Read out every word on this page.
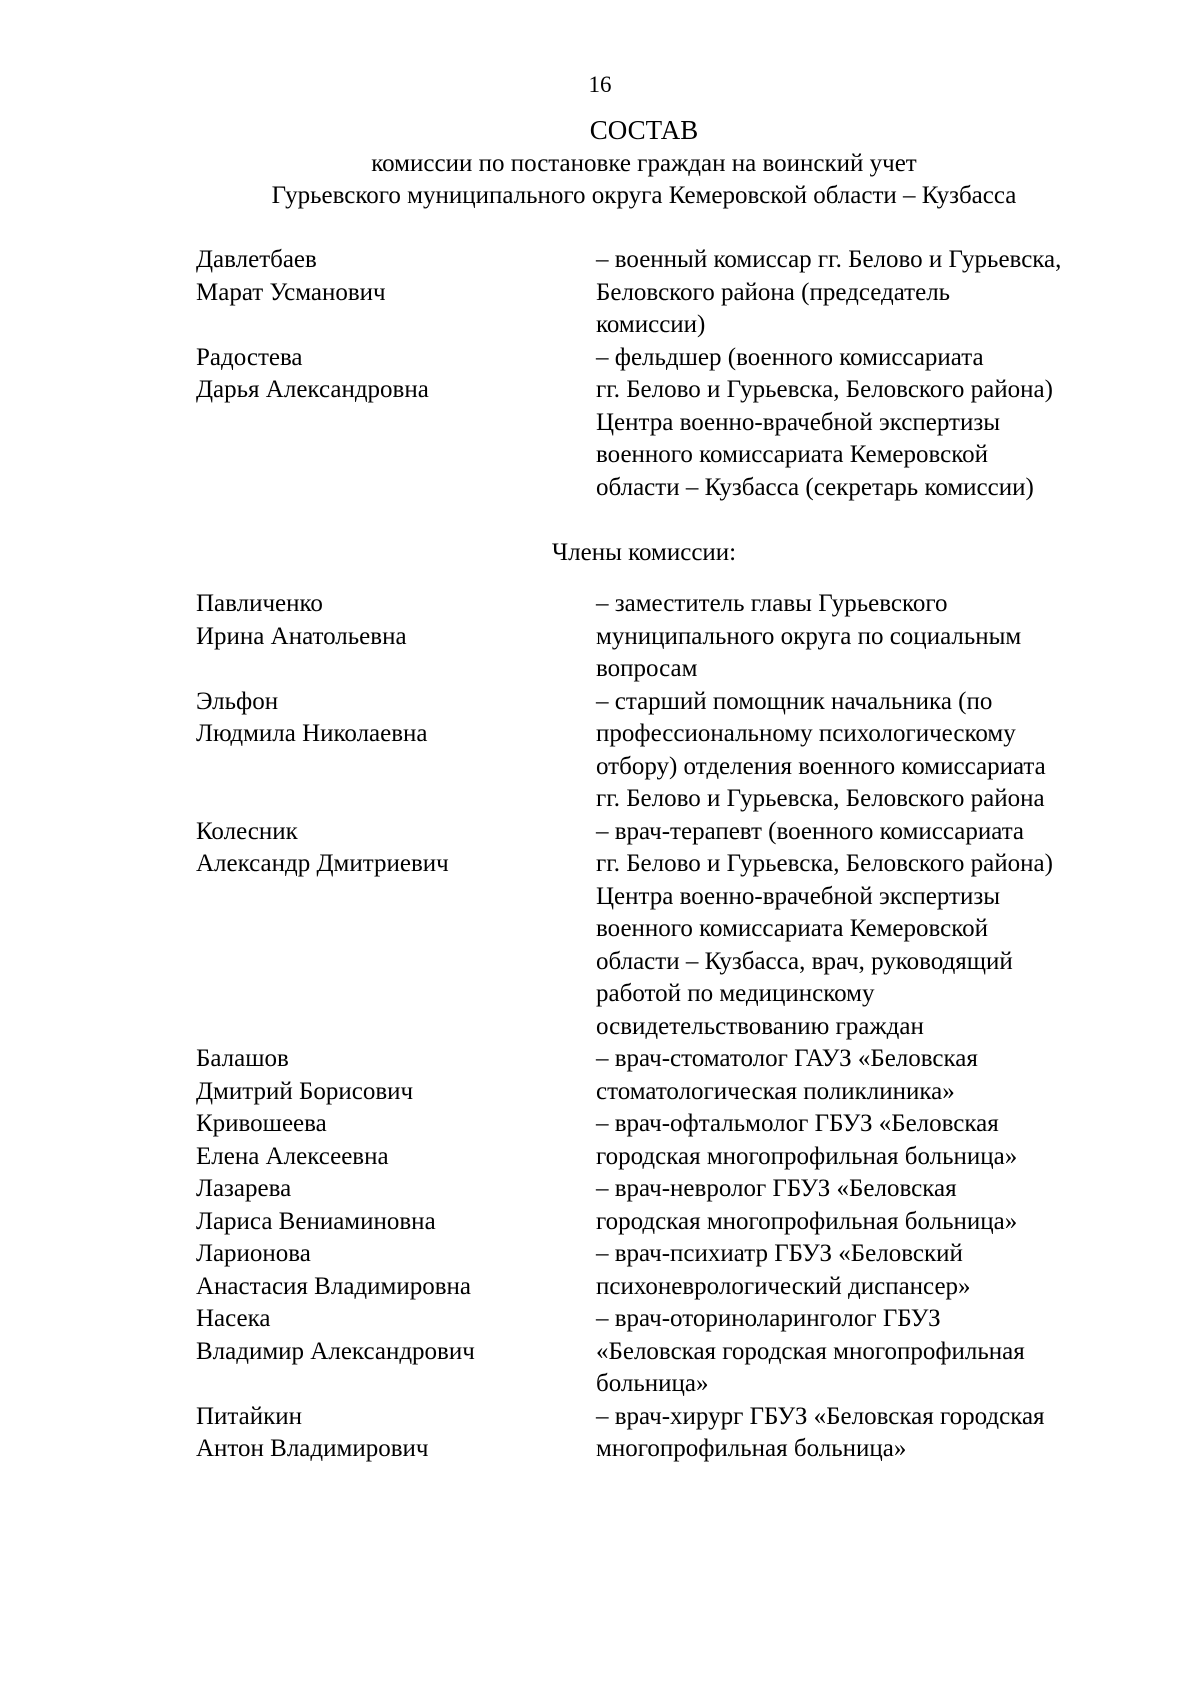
16
СОСТАВ

комиссии по постановке граждан на воинский учет

Гурьевского муниципального округа Кемеровской области – Кузбасса

Давлетбаев
Марат Усманович
– военный комиссар гг. Белово и Гурьевска,
Беловского района (председатель
комиссии)
Радостева
Дарья Александровна
– фельдшер (военного комиссариата
гг. Белово и Гурьевска, Беловского района)
Центра военно-врачебной экспертизы
военного комиссариата Кемеровской
области – Кузбасса (секретарь комиссии)
Члены комиссии:
Павличенко
Ирина Анатольевна
– заместитель главы Гурьевского
муниципального округа по социальным
вопросам
Эльфон
Людмила Николаевна
– старший помощник начальника (по
профессиональному психологическому
отбору) отделения военного комиссариата
гг. Белово и Гурьевска, Беловского района
Колесник
Александр Дмитриевич
– врач-терапевт (военного комиссариата
гг. Белово и Гурьевска, Беловского района)
Центра военно-врачебной экспертизы
военного комиссариата Кемеровской
области – Кузбасса, врач, руководящий
работой по медицинскому
освидетельствованию граждан
Балашов
Дмитрий Борисович
– врач-стоматолог ГАУЗ «Беловская
стоматологическая поликлиника»
Кривошеева
Елена Алексеевна
– врач-офтальмолог ГБУЗ «Беловская
городская многопрофильная больница»
Лазарева
Лариса Вениаминовна
– врач-невролог ГБУЗ «Беловская
городская многопрофильная больница»
Ларионова
Анастасия Владимировна
– врач-психиатр ГБУЗ «Беловский
психоневрологический диспансер»
Насека
Владимир Александрович
– врач-оториноларинголог ГБУЗ
«Беловская городская многопрофильная
больница»
Питайкин
Антон Владимирович
– врач-хирург ГБУЗ «Беловская городская
многопрофильная больница»
